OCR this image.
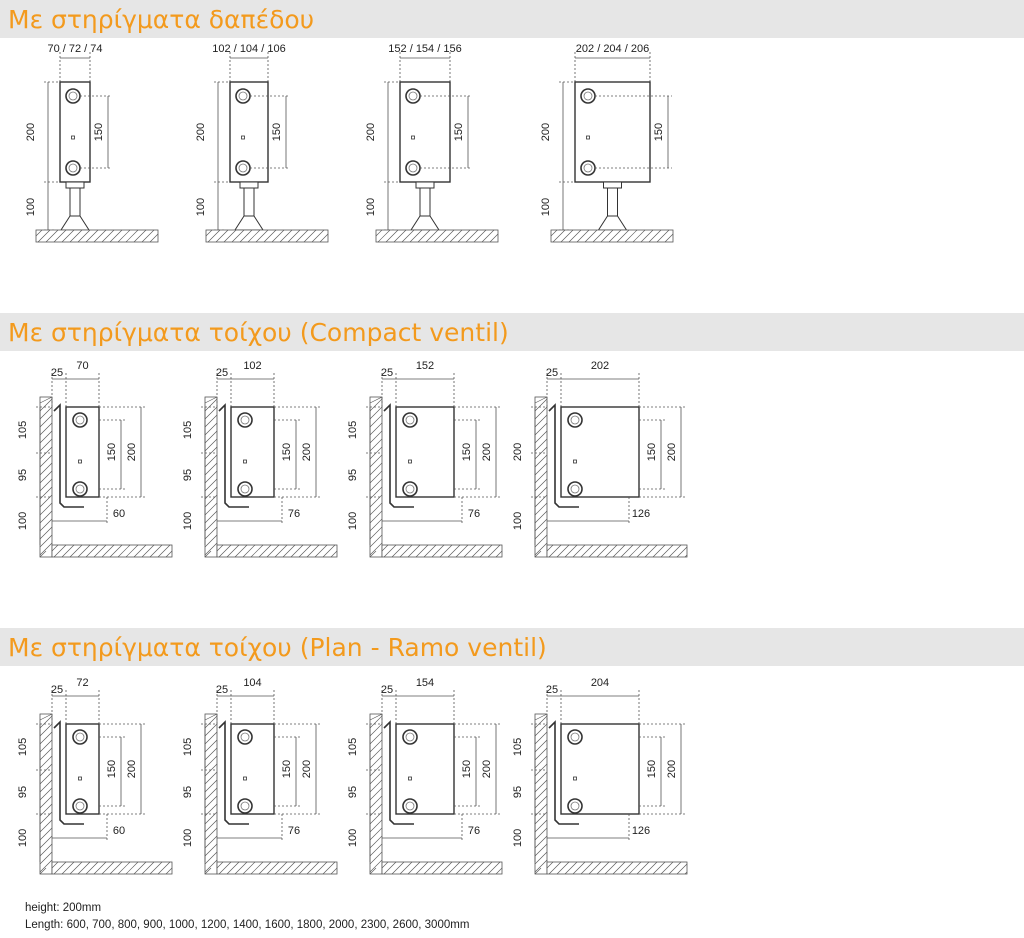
Με στηρίγματα δαπέδου
Με στηρίγματα τοίχου (Compact ventil)
Με στηρίγματα τοίχου (Plan - Ramo ventil)
70 / 72 / 74
200
100
150
102 / 104 / 106
200
100
150
152 / 154 / 156
200
100
150
202 / 204 / 206
200
100
150
25
70
105
95
100
150 200
60
25
102
105
95
100
150 200
76
25
152
105
95
100
150 200
76
25
202
200
100
150 200
126
25
72
105
95
100
150 200
60
25
104
105
95
100
150 200
76
25
154
105
95
100
150 200
76
25
204
105
95
100
150 200
126
height: 200mm
Length: 600, 700, 800, 900, 1000, 1200, 1400, 1600, 1800, 2000, 2300, 2600, 3000mm
